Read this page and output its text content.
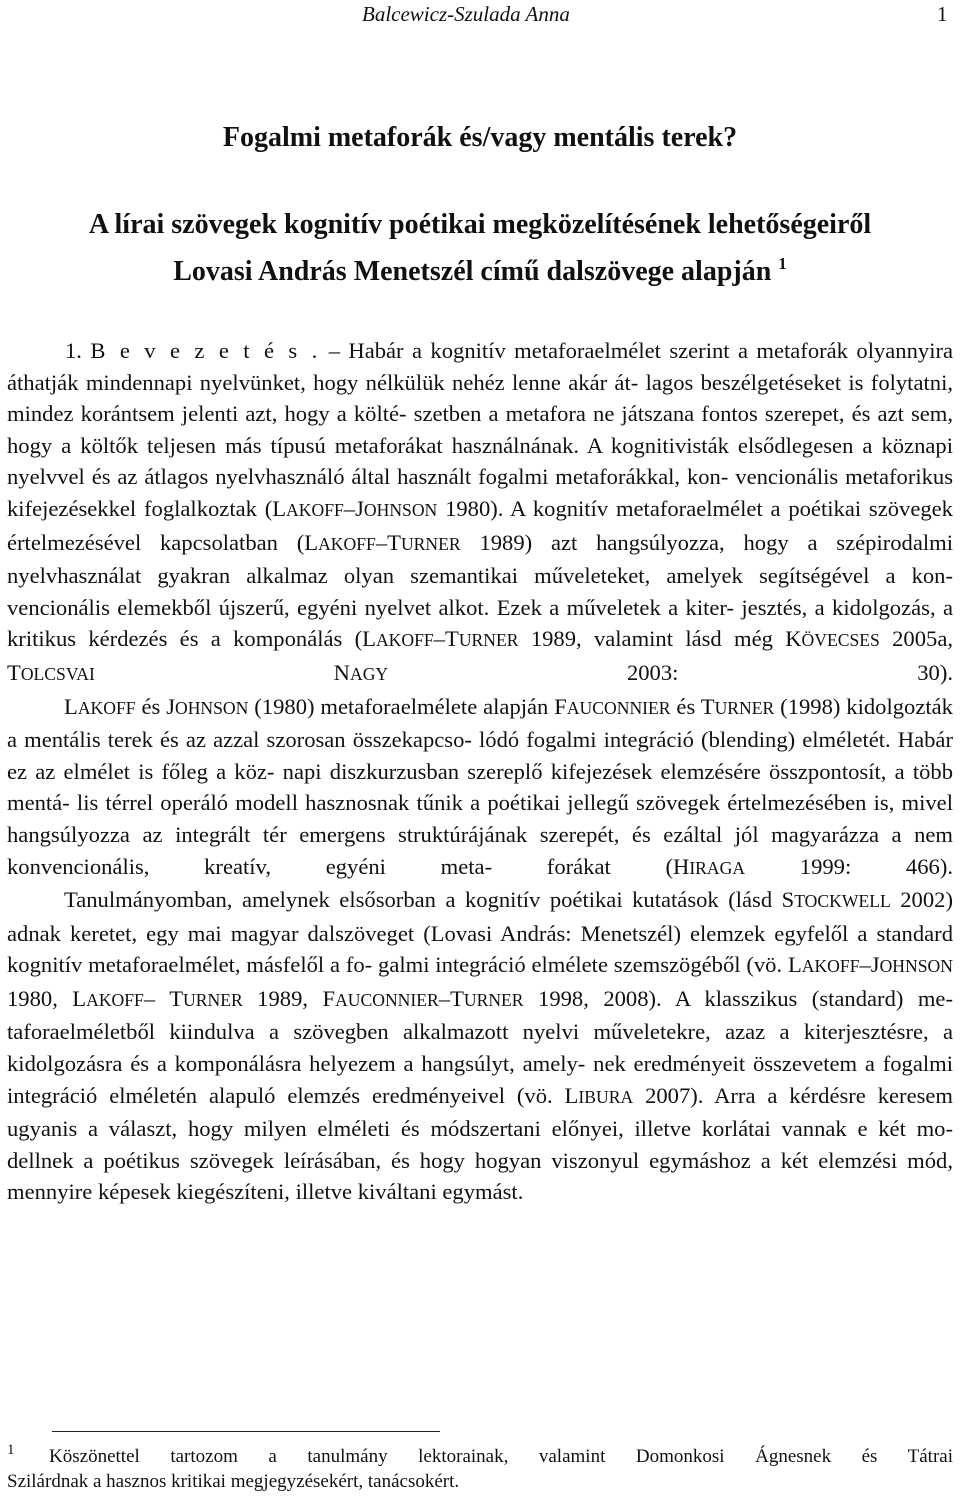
Balcewicz-Szulada Anna	1
Fogalmi metaforák és/vagy mentális terek?
A lírai szövegek kognitív poétikai megközelítésének lehetőségeiről
Lovasi András Menetszél című dalszövege alapján $^1$

1. B e v e z e t é s . – Habár a kognitív metaforaelmélet szerint a metaforák olyannyira áthatják mindennapi nyelvünket, hogy nélkülük nehéz lenne akár át- lagos beszélgetéseket is folytatni, mindez korántsem jelenti azt, hogy a költé- szetben a metafora ne játszana fontos szerepet, és azt sem, hogy a költők teljesen más típusú metaforákat használnának. A kognitivisták elsődlegesen a köznapi nyelvvel és az átlagos nyelvhasználó által használt fogalmi metaforákkal, kon- vencionális metaforikus kifejezésekkel foglalkoztak (LAKOFF–JOHNSON 1980). A kognitív metaforaelmélet a poétikai szövegek értelmezésével kapcsolatban (LAKOFF–TURNER 1989) azt hangsúlyozza, hogy a szépirodalmi nyelvhasználat gyakran alkalmaz olyan szemantikai műveleteket, amelyek segítségével a kon- vencionális elemekből újszerű, egyéni nyelvet alkot. Ezek a műveletek a kiter- jesztés, a kidolgozás, a kritikus kérdezés és a komponálás (LAKOFF–TURNER 1989, valamint lásd még KÖVECSES 2005a, TOLCSVAI NAGY 2003: 30).

LAKOFF és JOHNSON (1980) metaforaelmélete alapján FAUCONNIER és TURNER (1998) kidolgozták a mentális terek és az azzal szorosan összekapcso- lódó fogalmi integráció (blending) elméletét. Habár ez az elmélet is főleg a köz- napi diszkurzusban szereplő kifejezések elemzésére összpontosít, a több mentá- lis térrel operáló modell hasznosnak tűnik a poétikai jellegű szövegek értelmezésében is, mivel hangsúlyozza az integrált tér emergens struktúrájának szerepét, és ezáltal jól magyarázza a nem konvencionális, kreatív, egyéni meta- forákat (HIRAGA 1999: 466).

Tanulmányomban, amelynek elsősorban a kognitív poétikai kutatások (lásd STOCKWELL 2002) adnak keretet, egy mai magyar dalszöveget (Lovasi András: Menetszél) elemzek egyfelől a standard kognitív metaforaelmélet, másfelől a fo- galmi integráció elmélete szemszögéből (vö. LAKOFF–JOHNSON 1980, LAKOFF– TURNER 1989, FAUCONNIER–TURNER 1998, 2008). A klasszikus (standard) me- taforaelméletből kiindulva a szövegben alkalmazott nyelvi műveletekre, azaz a kiterjesztésre, a kidolgozásra és a komponálásra helyezem a hangsúlyt, amely- nek eredményeit összevetem a fogalmi integráció elméletén alapuló elemzés eredményeivel (vö. LIBURA 2007). Arra a kérdésre keresem ugyanis a választ, hogy milyen elméleti és módszertani előnyei, illetve korlátai vannak e két mo- dellnek a poétikus szövegek leírásában, és hogy hogyan viszonyul egymáshoz a két elemzési mód, mennyire képesek kiegészíteni, illetve kiváltani egymást.

$^1$ Köszönettel tartozom a tanulmány lektorainak, valamint Domonkosi Ágnesnek és Tátrai
Szilárdnak a hasznos kritikai megjegyzésekért, tanácsokért.
